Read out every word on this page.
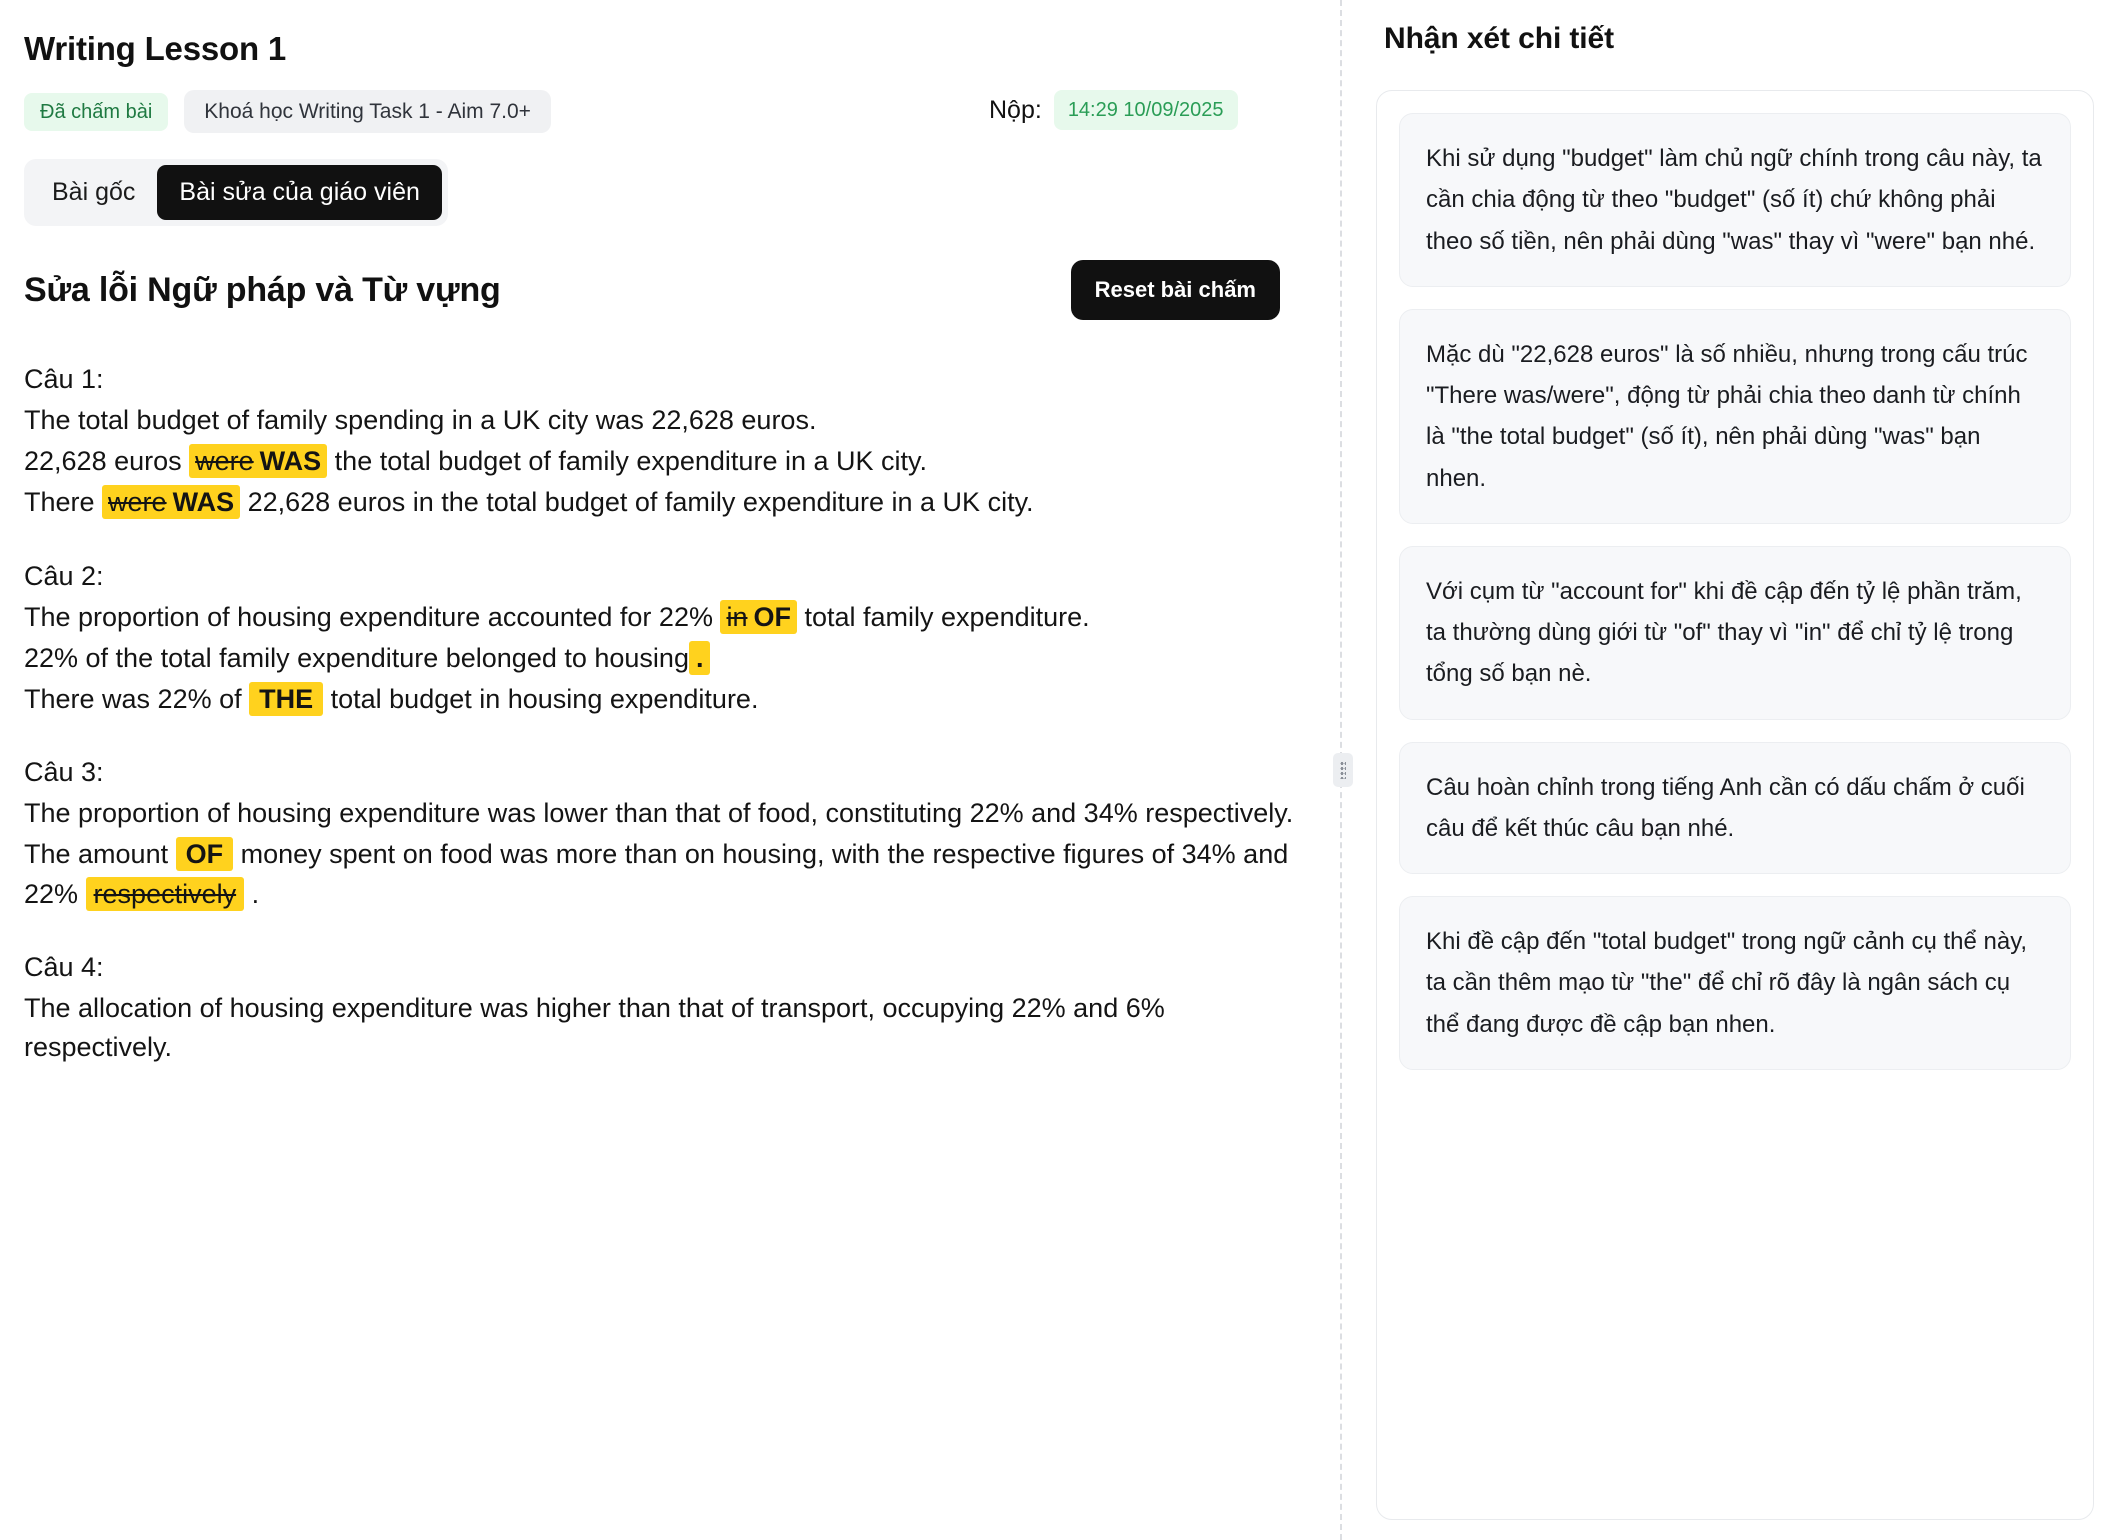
Writing Lesson 1
Đã chấm bài	Khoá học Writing Task 1 - Aim 7.0+	Nộp:	14:29 10/09/2025
Bài gốc	Bài sửa của giáo viên
Sửa lỗi Ngữ pháp và Từ vựng	Reset bài chấm
Câu 1:
The total budget of family spending in a UK city was 22,628 euros.
22,628 euros were WAS the total budget of family expenditure in a UK city.
There were WAS 22,628 euros in the total budget of family expenditure in a UK city.
Câu 2:
The proportion of housing expenditure accounted for 22% in OF total family expenditure.
22% of the total family expenditure belonged to housing .
There was 22% of THE total budget in housing expenditure.
Câu 3:
The proportion of housing expenditure was lower than that of food, constituting 22% and 34% respectively.
The amount OF money spent on food was more than on housing, with the respective figures of 34% and 22% respectively .
Câu 4:
The allocation of housing expenditure was higher than that of transport, occupying 22% and 6% respectively.
Nhận xét chi tiết
Khi sử dụng "budget" làm chủ ngữ chính trong câu này, ta cần chia động từ theo "budget" (số ít) chứ không phải theo số tiền, nên phải dùng "was" thay vì "were" bạn nhé.
Mặc dù "22,628 euros" là số nhiều, nhưng trong cấu trúc "There was/were", động từ phải chia theo danh từ chính là "the total budget" (số ít), nên phải dùng "was" bạn nhen.
Với cụm từ "account for" khi đề cập đến tỷ lệ phần trăm, ta thường dùng giới từ "of" thay vì "in" để chỉ tỷ lệ trong tổng số bạn nè.
Câu hoàn chỉnh trong tiếng Anh cần có dấu chấm ở cuối câu để kết thúc câu bạn nhé.
Khi đề cập đến "total budget" trong ngữ cảnh cụ thể này, ta cần thêm mạo từ "the" để chỉ rõ đây là ngân sách cụ thể đang được đề cập bạn nhen.
